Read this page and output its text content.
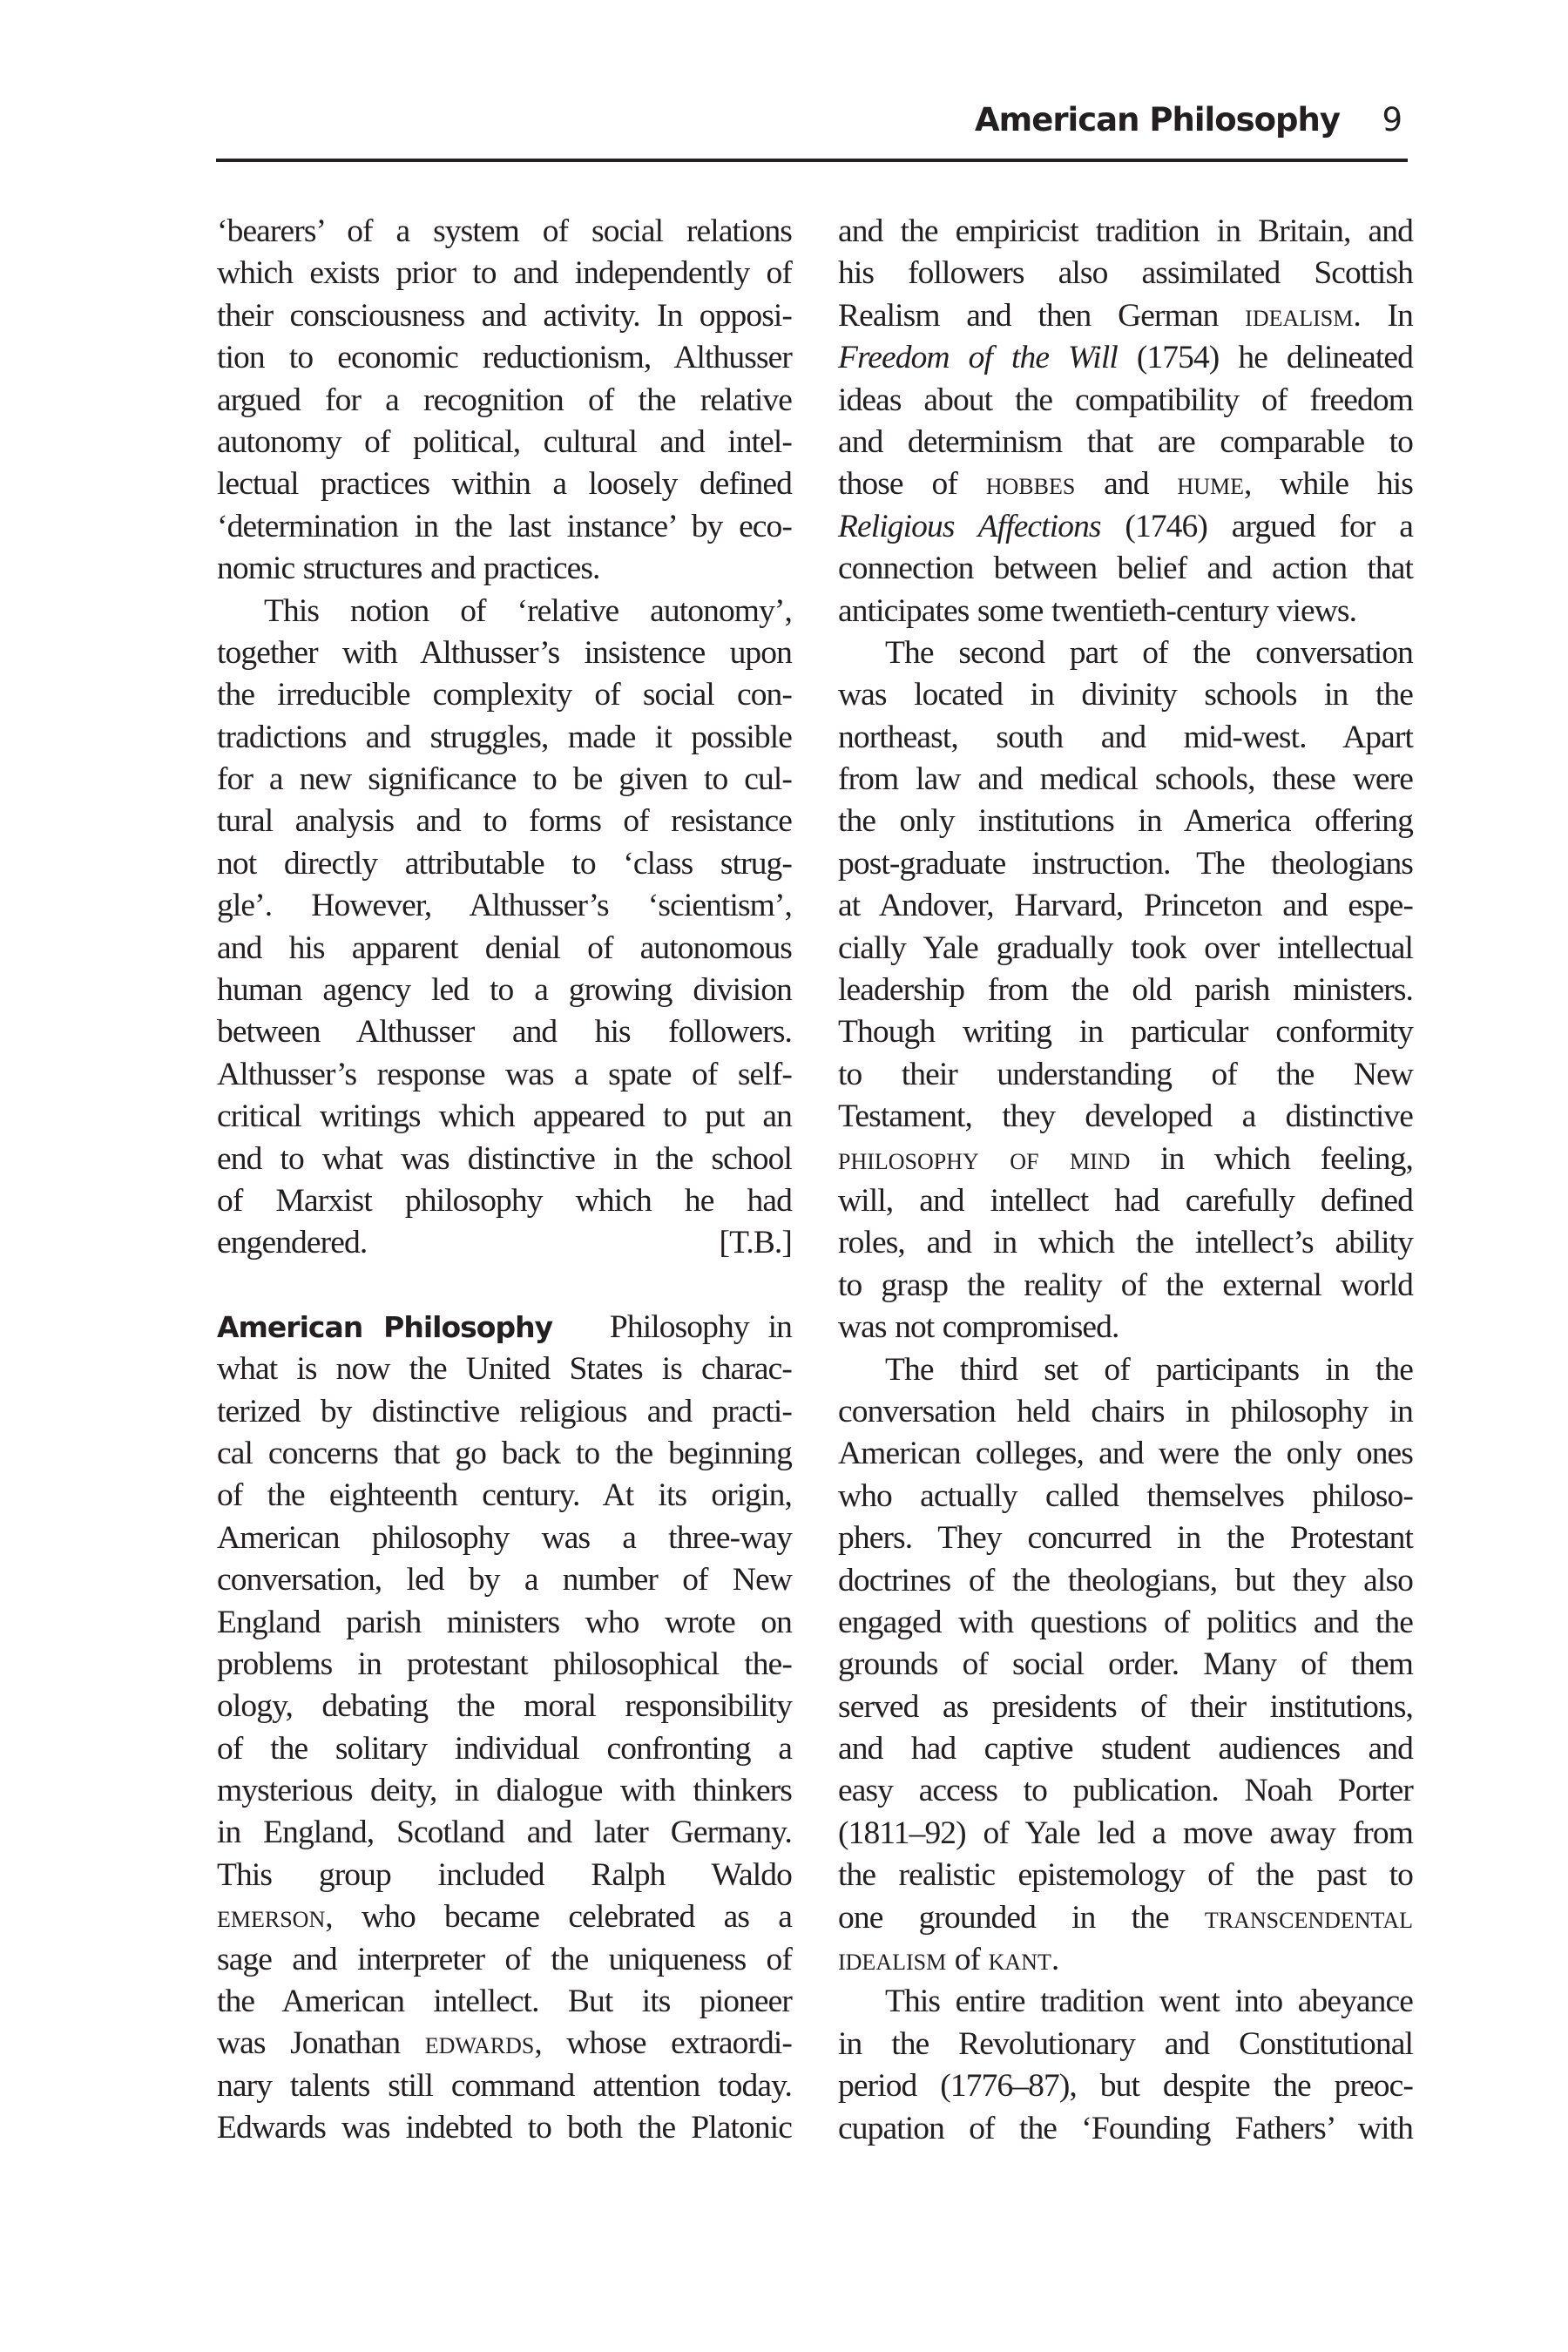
American Philosophy 9
‘bearers’ of a system of social relations
which exists prior to and independently of
their consciousness and activity. In opposi-
tion to economic reductionism, Althusser
argued for a recognition of the relative
autonomy of political, cultural and intel-
lectual practices within a loosely defined
‘determination in the last instance’ by eco-
nomic structures and practices.
This notion of ‘relative autonomy’,
together with Althusser’s insistence upon
the irreducible complexity of social con-
tradictions and struggles, made it possible
for a new significance to be given to cul-
tural analysis and to forms of resistance
not directly attributable to ‘class strug-
gle’. However, Althusser’s ‘scientism’,
and his apparent denial of autonomous
human agency led to a growing division
between Althusser and his followers.
Althusser’s response was a spate of self-
critical writings which appeared to put an
end to what was distinctive in the school
of Marxist philosophy which he had
engendered.	[T.B.]
American Philosophy Philosophy in
what is now the United States is charac-
terized by distinctive religious and practi-
cal concerns that go back to the beginning
of the eighteenth century. At its origin,
American philosophy was a three-way
conversation, led by a number of New
England parish ministers who wrote on
problems in protestant philosophical the-
ology, debating the moral responsibility
of the solitary individual confronting a
mysterious deity, in dialogue with thinkers
in England, Scotland and later Germany.
This group included Ralph Waldo
emerson, who became celebrated as a
sage and interpreter of the uniqueness of
the American intellect. But its pioneer
was Jonathan edwards, whose extraordi-
nary talents still command attention today.
Edwards was indebted to both the Platonic
and the empiricist tradition in Britain, and
his followers also assimilated Scottish
Realism and then German idealism. In
Freedom of the Will (1754) he delineated
ideas about the compatibility of freedom
and determinism that are comparable to
those of hobbes and hume, while his
Religious Affections (1746) argued for a
connection between belief and action that
anticipates some twentieth-century views.
The second part of the conversation
was located in divinity schools in the
northeast, south and mid-west. Apart
from law and medical schools, these were
the only institutions in America offering
post-graduate instruction. The theologians
at Andover, Harvard, Princeton and espe-
cially Yale gradually took over intellectual
leadership from the old parish ministers.
Though writing in particular conformity
to their understanding of the New
Testament, they developed a distinctive
philosophy of mind in which feeling,
will, and intellect had carefully defined
roles, and in which the intellect’s ability
to grasp the reality of the external world
was not compromised.
The third set of participants in the
conversation held chairs in philosophy in
American colleges, and were the only ones
who actually called themselves philoso-
phers. They concurred in the Protestant
doctrines of the theologians, but they also
engaged with questions of politics and the
grounds of social order. Many of them
served as presidents of their institutions,
and had captive student audiences and
easy access to publication. Noah Porter
(1811–92) of Yale led a move away from
the realistic epistemology of the past to
one grounded in the transcendental
idealism of kant.
This entire tradition went into abeyance
in the Revolutionary and Constitutional
period (1776–87), but despite the preoc-
cupation of the ‘Founding Fathers’ with
